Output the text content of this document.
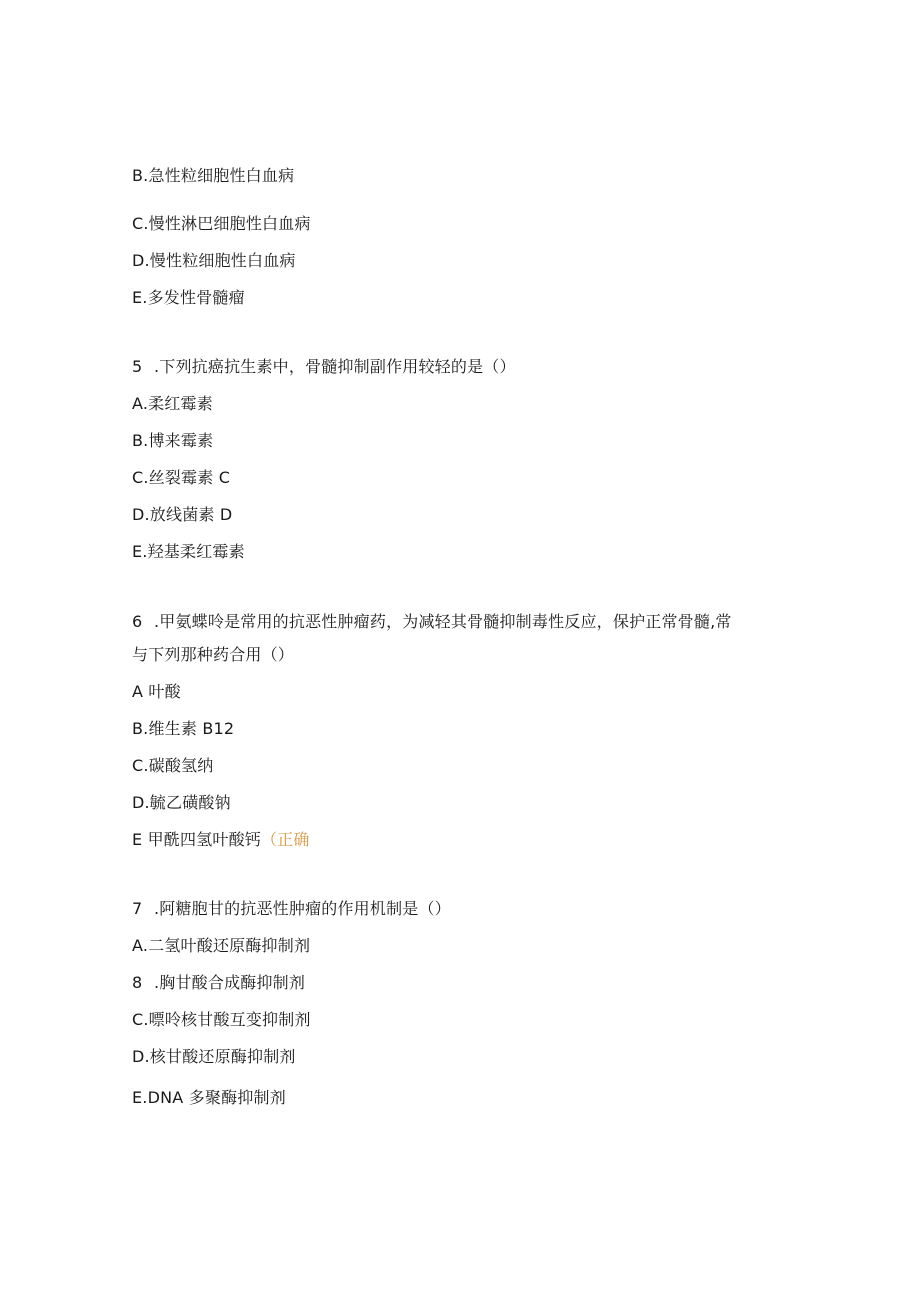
B.急性粒细胞性白血病
C.慢性淋巴细胞性白血病
D.慢性粒细胞性白血病
E.多发性骨髓瘤
5 .下列抗癌抗生素中，骨髓抑制副作用较轻的是（）
A.柔红霉素
B.博来霉素
C.丝裂霉素 C
D.放线菌素 D
E.羟基柔红霉素
6 .甲氨蝶呤是常用的抗恶性肿瘤药，为减轻其骨髓抑制毒性反应，保护正常骨髓,常
与下列那种药合用（）
A 叶酸
B.维生素 B12
C.碳酸氢纳
D.毓乙磺酸钠
E 甲酰四氢叶酸钙（正确
7 .阿糖胞甘的抗恶性肿瘤的作用机制是（）
A.二氢叶酸还原酶抑制剂
8 .胸甘酸合成酶抑制剂
C.嘌呤核甘酸互变抑制剂
D.核甘酸还原酶抑制剂
E.DNA 多聚酶抑制剂
